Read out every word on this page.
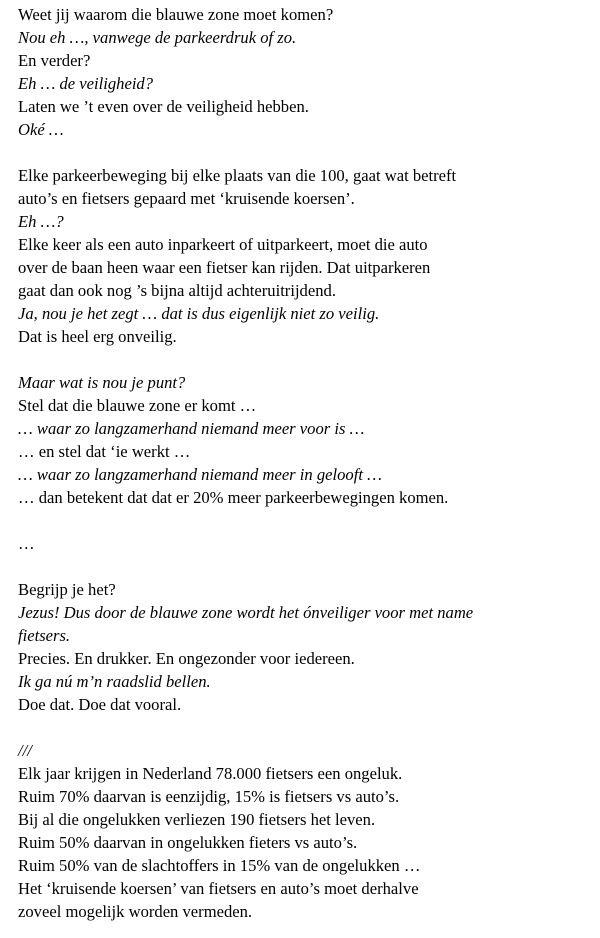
Weet jij waarom die blauwe zone moet komen?
Nou eh …, vanwege de parkeerdruk of zo.
En verder?
Eh … de veiligheid?
Laten we ’t even over de veiligheid hebben.
Oké …
Elke parkeerbeweging bij elke plaats van die 100, gaat wat betreft
auto’s en fietsers gepaard met ‘kruisende koersen’.
Eh …?
Elke keer als een auto inparkeert of uitparkeert, moet die auto
over de baan heen waar een fietser kan rijden. Dat uitparkeren
gaat dan ook nog ’s bijna altijd achteruitrijdend.
Ja, nou je het zegt … dat is dus eigenlijk niet zo veilig.
Dat is heel erg onveilig.
Maar wat is nou je punt?
Stel dat die blauwe zone er komt …
… waar zo langzamerhand niemand meer voor is …
… en stel dat ‘ie werkt …
… waar zo langzamerhand niemand meer in gelooft …
… dan betekent dat dat er 20% meer parkeerbewegingen komen.
…
Begrijp je het?
Jezus! Dus door de blauwe zone wordt het ónveiliger voor met name
fietsers.
Precies. En drukker. En ongezonder voor iedereen.
Ik ga nú m’n raadslid bellen.
Doe dat. Doe dat vooral.
///
Elk jaar krijgen in Nederland 78.000 fietsers een ongeluk.
Ruim 70% daarvan is eenzijdig, 15% is fietsers vs auto’s.
Bij al die ongelukken verliezen 190 fietsers het leven.
Ruim 50% daarvan in ongelukken fieters vs auto’s.
Ruim 50% van de slachtoffers in 15% van de ongelukken …
Het ‘kruisende koersen’ van fietsers en auto’s moet derhalve
zoveel mogelijk worden vermeden.
